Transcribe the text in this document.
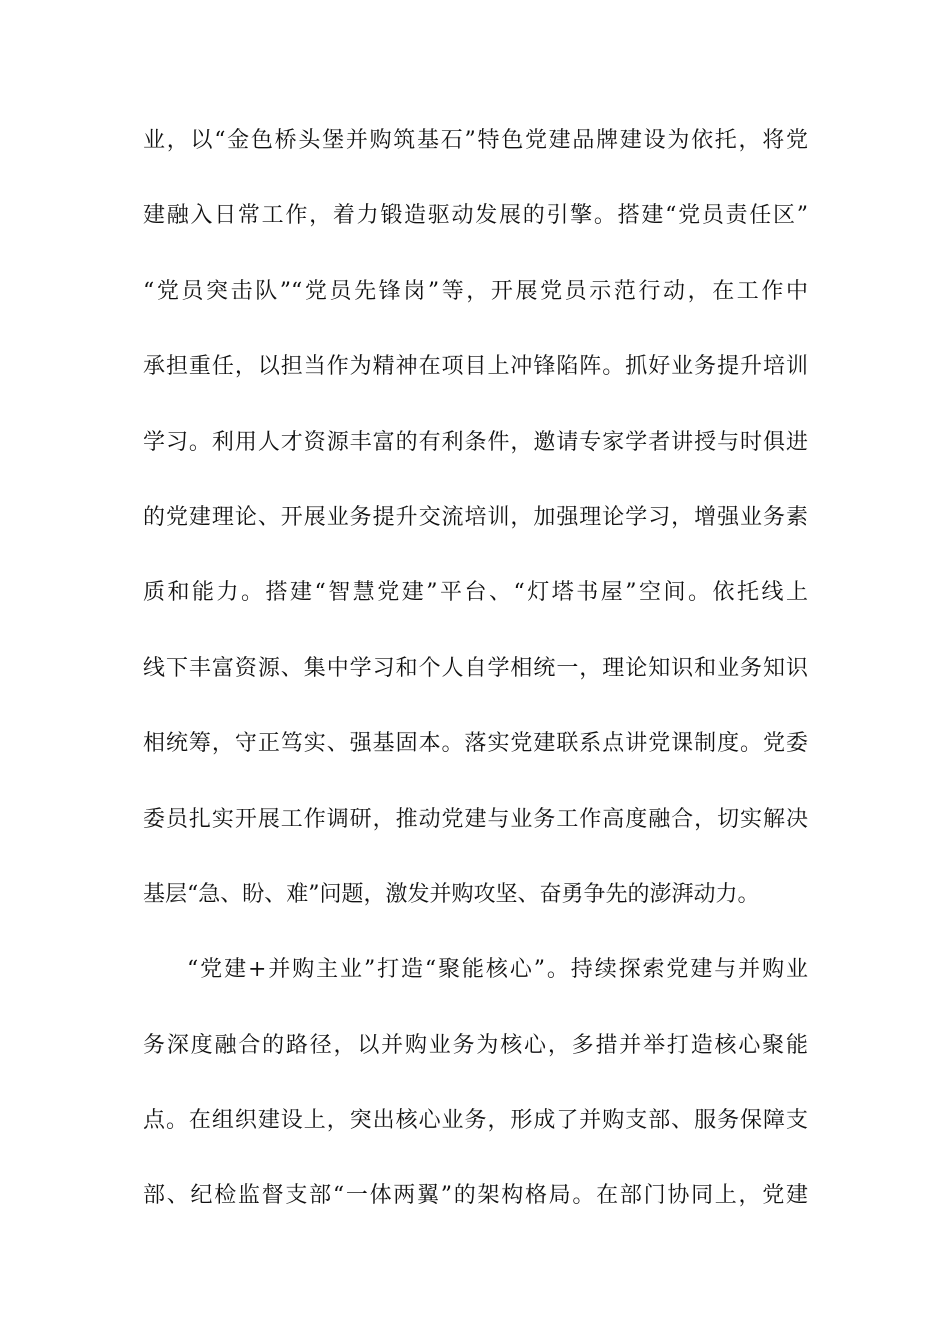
业，以“金色桥头堡并购筑基石”特色党建品牌建设为依托，将党
建融入日常工作，着力锻造驱动发展的引擎。搭建“党员责任区”
“党员突击队”“党员先锋岗”等，开展党员示范行动，在工作中
承担重任，以担当作为精神在项目上冲锋陷阵。抓好业务提升培训
学习。利用人才资源丰富的有利条件，邀请专家学者讲授与时俱进
的党建理论、开展业务提升交流培训，加强理论学习，增强业务素
质和能力。搭建“智慧党建”平台、“灯塔书屋”空间。依托线上
线下丰富资源、集中学习和个人自学相统一，理论知识和业务知识
相统筹，守正笃实、强基固本。落实党建联系点讲党课制度。党委
委员扎实开展工作调研，推动党建与业务工作高度融合，切实解决
基层“急、盼、难”问题，激发并购攻坚、奋勇争先的澎湃动力。
“党建+并购主业”打造“聚能核心”。持续探索党建与并购业
务深度融合的路径，以并购业务为核心，多措并举打造核心聚能
点。在组织建设上，突出核心业务，形成了并购支部、服务保障支
部、纪检监督支部“一体两翼”的架构格局。在部门协同上，党建
